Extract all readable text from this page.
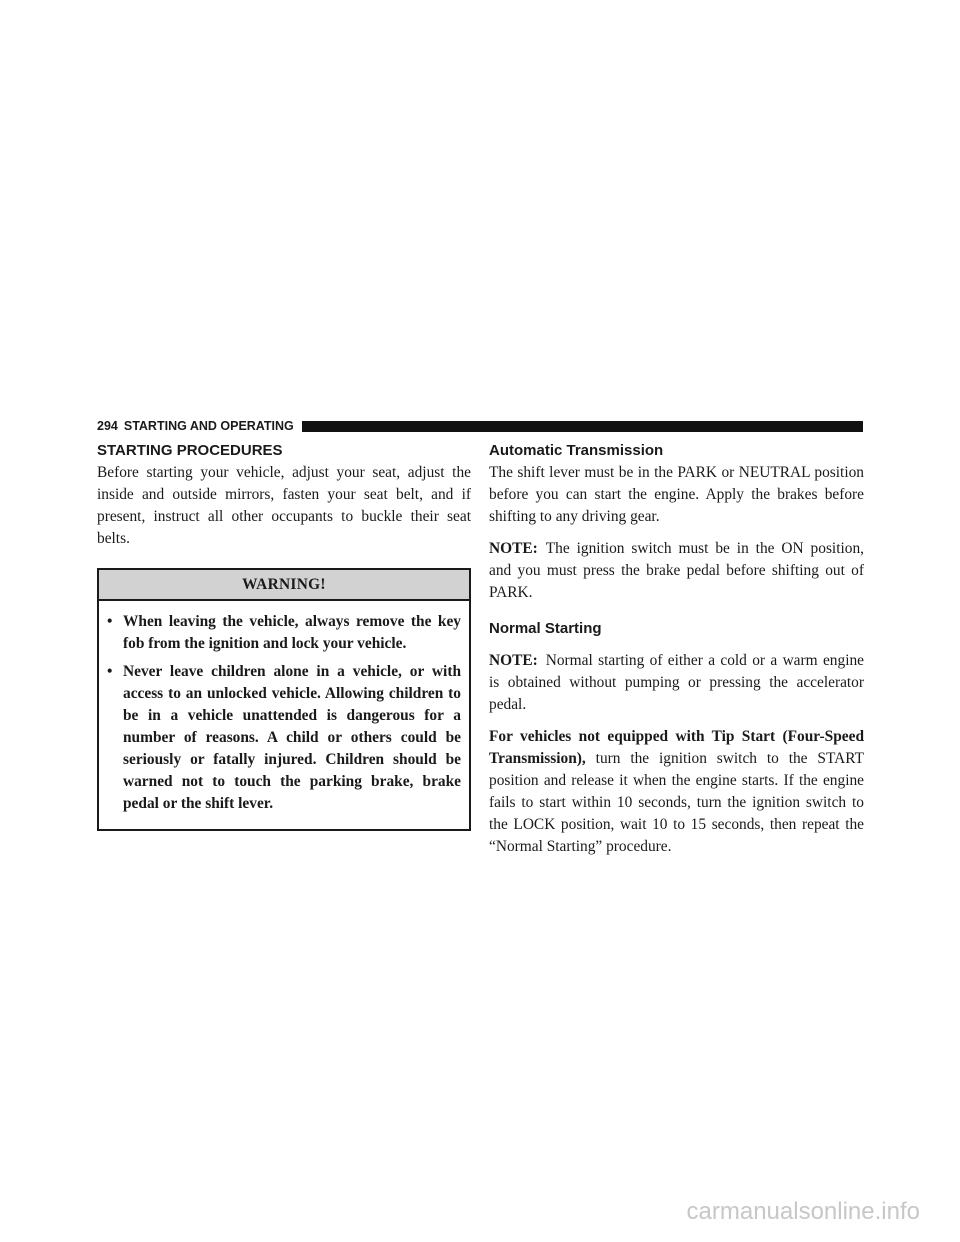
294 STARTING AND OPERATING
STARTING PROCEDURES

Before starting your vehicle, adjust your seat, adjust the inside and outside mirrors, fasten your seat belt, and if present, instruct all other occupants to buckle their seat belts.

WARNING!
• When leaving the vehicle, always remove the key fob from the ignition and lock your vehicle.
• Never leave children alone in a vehicle, or with access to an unlocked vehicle. Allowing children to be in a vehicle unattended is dangerous for a number of reasons. A child or others could be seriously or fatally injured. Children should be warned not to touch the parking brake, brake pedal or the shift lever.
Automatic Transmission

The shift lever must be in the PARK or NEUTRAL position before you can start the engine. Apply the brakes before shifting to any driving gear.

NOTE: The ignition switch must be in the ON position, and you must press the brake pedal before shifting out of PARK.

Normal Starting

NOTE: Normal starting of either a cold or a warm engine is obtained without pumping or pressing the accelerator pedal.

For vehicles not equipped with Tip Start (Four-Speed Transmission), turn the ignition switch to the START position and release it when the engine starts. If the engine fails to start within 10 seconds, turn the ignition switch to the LOCK position, wait 10 to 15 seconds, then repeat the “Normal Starting” procedure.

carmanualsonline.info
